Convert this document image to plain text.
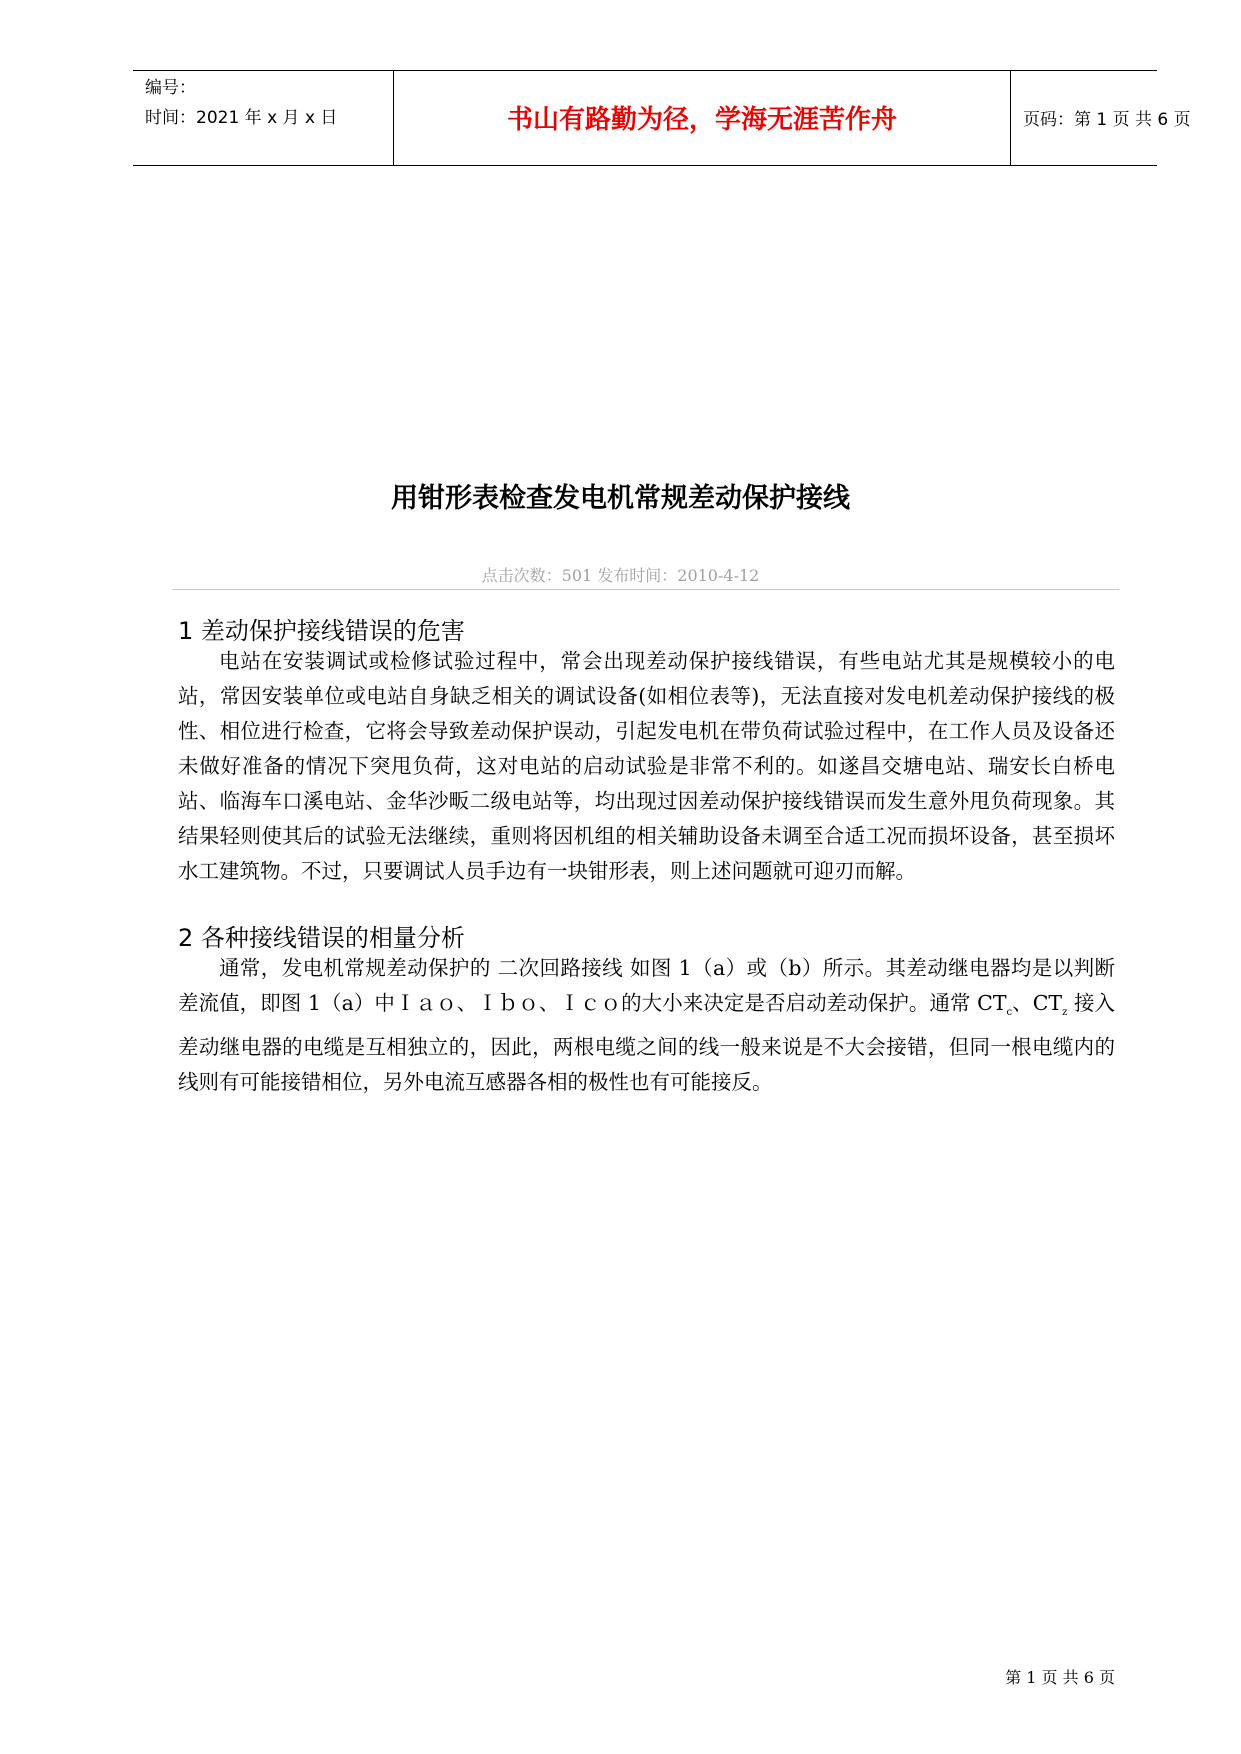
编号：
时间：2021 年 x 月 x 日	书山有路勤为径，学海无涯苦作舟	页码：第 1 页 共 6 页
用钳形表检查发电机常规差动保护接线
点击次数：501 发布时间：2010-4-12
1 差动保护接线错误的危害

电站在安装调试或检修试验过程中，常会出现差动保护接线错误，有些电站尤其是规模较小的电站，常因安装单位或电站自身缺乏相关的调试设备(如相位表等)，无法直接对发电机差动保护接线的极性、相位进行检查，它将会导致差动保护误动，引起发电机在带负荷试验过程中，在工作人员及设备还未做好准备的情况下突甩负荷，这对电站的启动试验是非常不利的。如遂昌交塘电站、瑞安长白桥电站、临海车口溪电站、金华沙畈二级电站等，均出现过因差动保护接线错误而发生意外甩负荷现象。其结果轻则使其后的试验无法继续，重则将因机组的相关辅助设备未调至合适工况而损坏设备，甚至损坏水工建筑物。不过，只要调试人员手边有一块钳形表，则上述问题就可迎刃而解。

2 各种接线错误的相量分析

通常，发电机常规差动保护的 二次回路接线 如图 1（a）或（b）所示。其差动继电器均是以判断差流值，即图 1（a）中Ｉａｏ、Ｉｂｏ、Ｉｃｏ的大小来决定是否启动差动保护。通常 $CT_c$、$CT_z$ 接入差动继电器的电缆是互相独立的，因此，两根电缆之间的线一般来说是不大会接错，但同一根电缆内的线则有可能接错相位，另外电流互感器各相的极性也有可能接反。

第 1 页 共 6 页
